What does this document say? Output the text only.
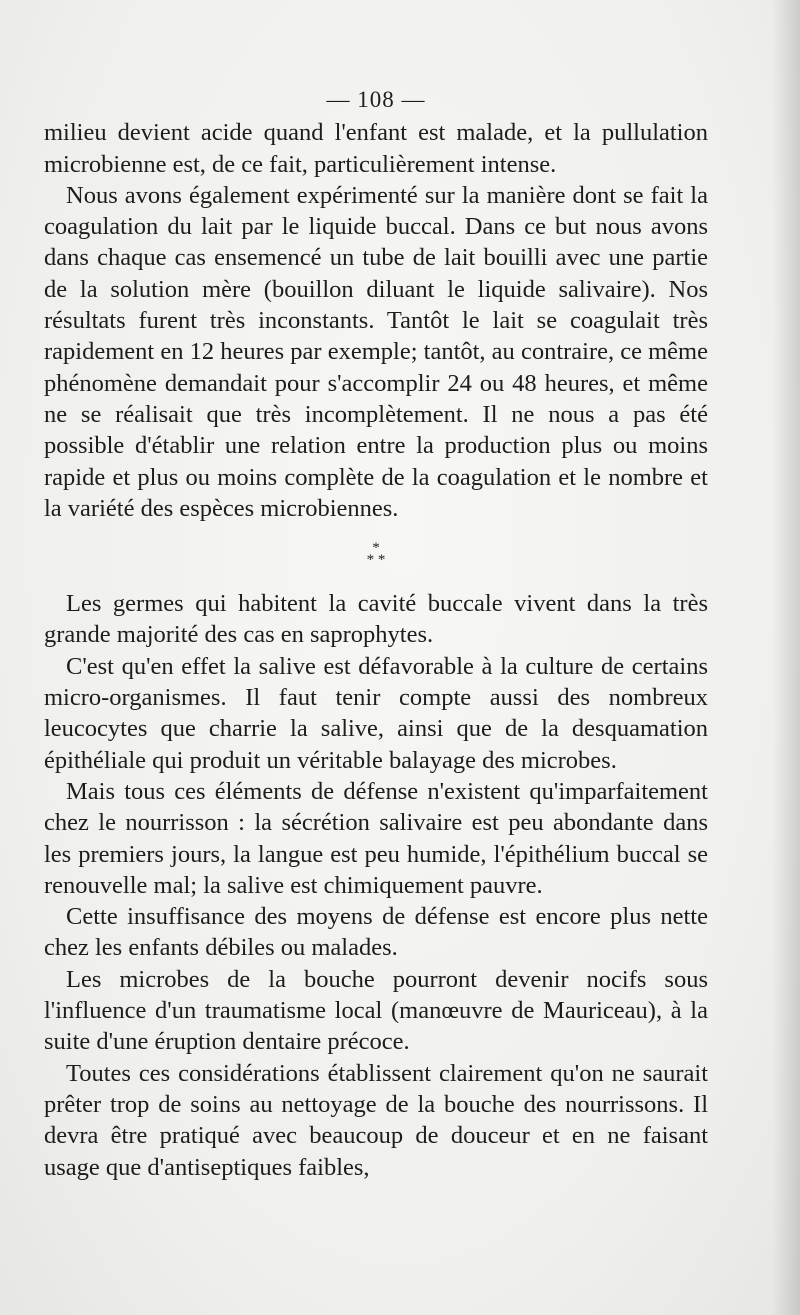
— 108 —

milieu devient acide quand l'enfant est malade, et la pullulation microbienne est, de ce fait, particulièrement intense.

Nous avons également expérimenté sur la manière dont se fait la coagulation du lait par le liquide buccal. Dans ce but nous avons dans chaque cas ensemencé un tube de lait bouilli avec une partie de la solution mère (bouillon diluant le liquide salivaire). Nos résultats furent très inconstants. Tantôt le lait se coagulait très rapidement en 12 heures par exemple; tantôt, au contraire, ce même phénomène demandait pour s'accomplir 24 ou 48 heures, et même ne se réalisait que très incomplètement. Il ne nous a pas été possible d'établir une relation entre la production plus ou moins rapide et plus ou moins complète de la coagulation et le nombre et la variété des espèces microbiennes.

*
* *

Les germes qui habitent la cavité buccale vivent dans la très grande majorité des cas en saprophytes.

C'est qu'en effet la salive est défavorable à la culture de certains micro-organismes. Il faut tenir compte aussi des nombreux leucocytes que charrie la salive, ainsi que de la desquamation épithéliale qui produit un véritable balayage des microbes.

Mais tous ces éléments de défense n'existent qu'imparfaitement chez le nourrisson : la sécrétion salivaire est peu abondante dans les premiers jours, la langue est peu humide, l'épithélium buccal se renouvelle mal; la salive est chimiquement pauvre.

Cette insuffisance des moyens de défense est encore plus nette chez les enfants débiles ou malades.

Les microbes de la bouche pourront devenir nocifs sous l'influence d'un traumatisme local (manœuvre de Mauriceau), à la suite d'une éruption dentaire précoce.

Toutes ces considérations établissent clairement qu'on ne saurait prêter trop de soins au nettoyage de la bouche des nourrissons. Il devra être pratiqué avec beaucoup de douceur et en ne faisant usage que d'antiseptiques faibles,
